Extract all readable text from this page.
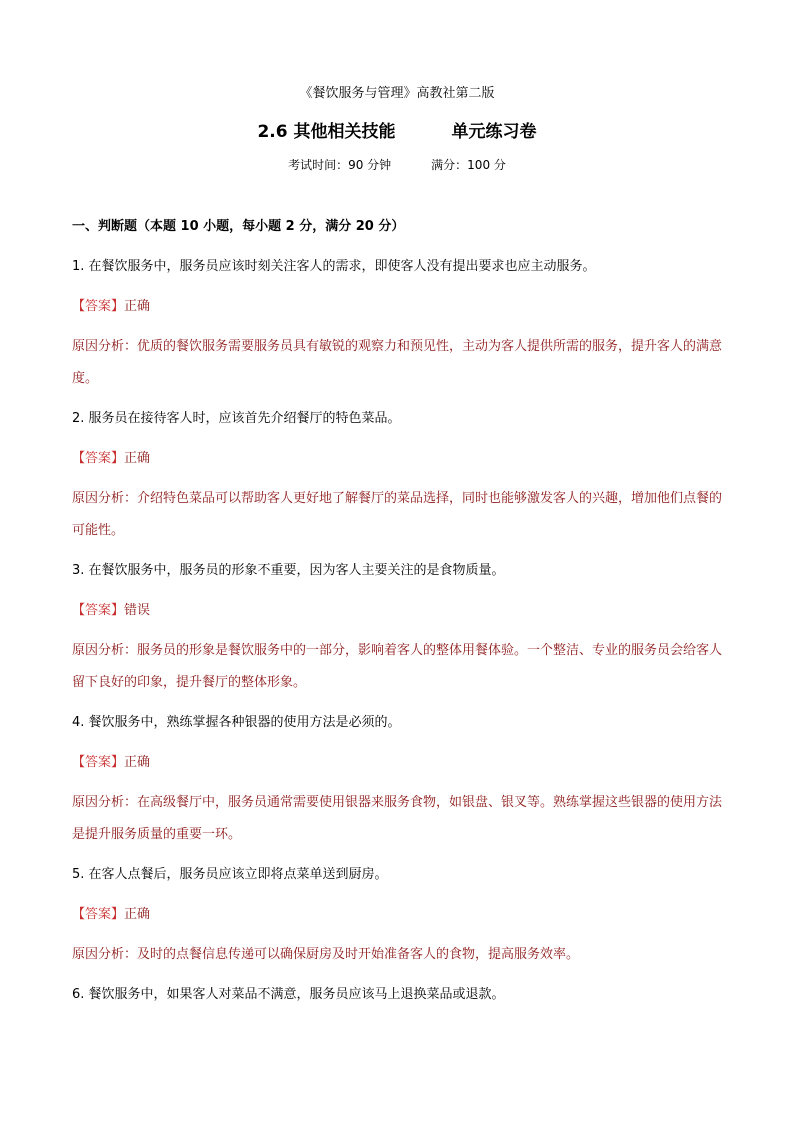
《餐饮服务与管理》高教社第二版
2.6 其他相关技能	单元练习卷
考试时间：90 分钟	满分：100 分
一、判断题（本题 10 小题，每小题 2 分，满分 20 分）
1. 在餐饮服务中，服务员应该时刻关注客人的需求，即使客人没有提出要求也应主动服务。
【答案】正确
原因分析：优质的餐饮服务需要服务员具有敏锐的观察力和预见性，主动为客人提供所需的服务，提升客人的满意度。
2. 服务员在接待客人时，应该首先介绍餐厅的特色菜品。
【答案】正确
原因分析：介绍特色菜品可以帮助客人更好地了解餐厅的菜品选择，同时也能够激发客人的兴趣，增加他们点餐的可能性。
3. 在餐饮服务中，服务员的形象不重要，因为客人主要关注的是食物质量。
【答案】错误
原因分析：服务员的形象是餐饮服务中的一部分，影响着客人的整体用餐体验。一个整洁、专业的服务员会给客人留下良好的印象，提升餐厅的整体形象。
4. 餐饮服务中，熟练掌握各种银器的使用方法是必须的。
【答案】正确
原因分析：在高级餐厅中，服务员通常需要使用银器来服务食物，如银盘、银叉等。熟练掌握这些银器的使用方法是提升服务质量的重要一环。
5. 在客人点餐后，服务员应该立即将点菜单送到厨房。
【答案】正确
原因分析：及时的点餐信息传递可以确保厨房及时开始准备客人的食物，提高服务效率。
6. 餐饮服务中，如果客人对菜品不满意，服务员应该马上退换菜品或退款。
